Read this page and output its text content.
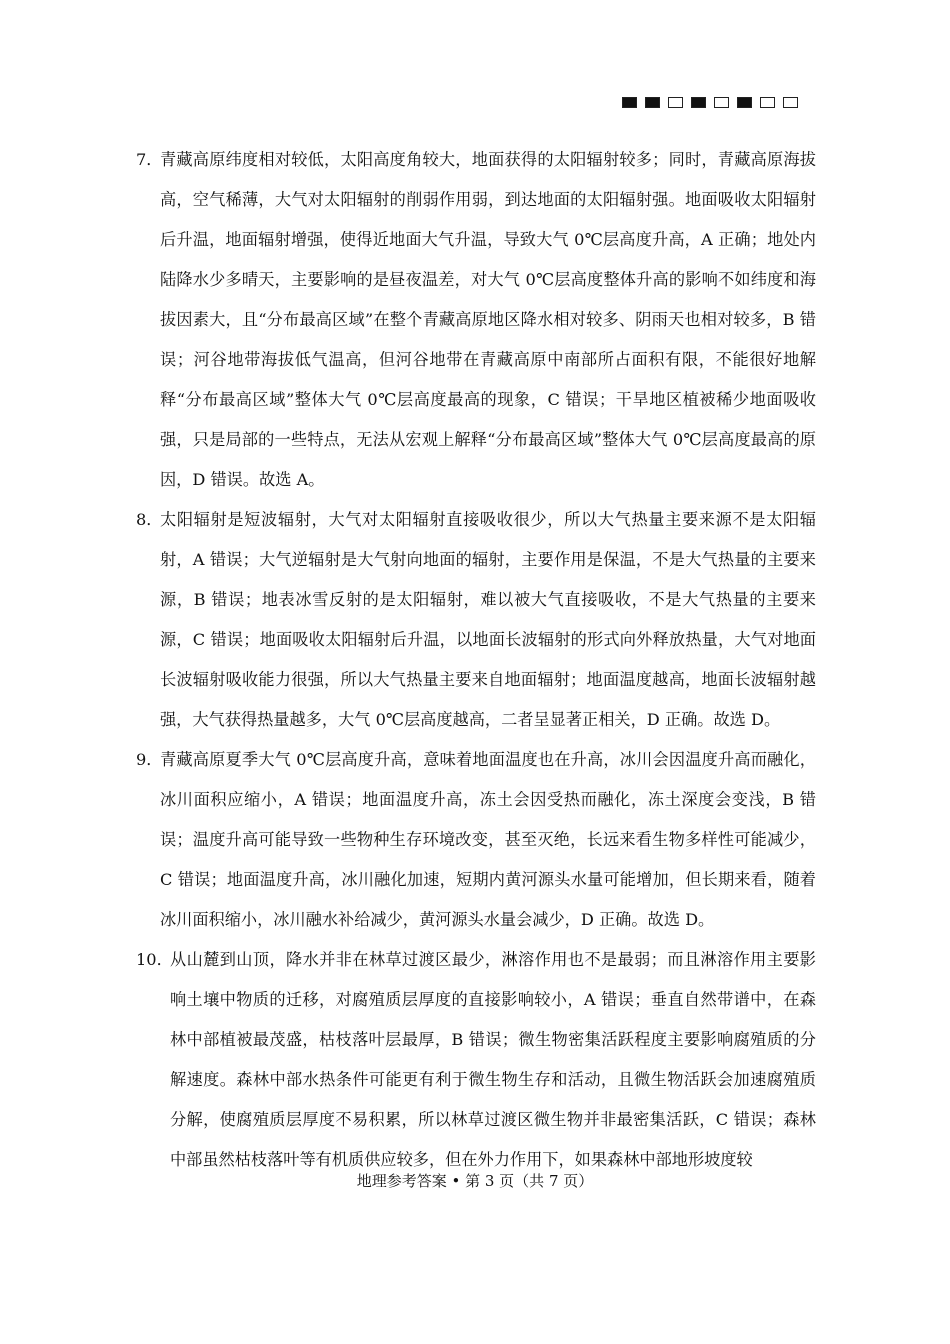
7．
青藏高原纬度相对较低，太阳高度角较大，地面获得的太阳辐射较多；同时，青藏高原海拔高，空气稀薄，大气对太阳辐射的削弱作用弱，到达地面的太阳辐射强。地面吸收太阳辐射后升温，地面辐射增强，使得近地面大气升温，导致大气 0℃层高度升高，A 正确；地处内陆降水少多晴天，主要影响的是昼夜温差，对大气 0℃层高度整体升高的影响不如纬度和海拔因素大，且“分布最高区域”在整个青藏高原地区降水相对较多、阴雨天也相对较多，B 错误；河谷地带海拔低气温高，但河谷地带在青藏高原中南部所占面积有限，不能很好地解释“分布最高区域”整体大气 0℃层高度最高的现象，C 错误；干旱地区植被稀少地面吸收强，只是局部的一些特点，无法从宏观上解释“分布最高区域”整体大气 0℃层高度最高的原因，D 错误。故选 A。
8．
太阳辐射是短波辐射，大气对太阳辐射直接吸收很少，所以大气热量主要来源不是太阳辐射，A 错误；大气逆辐射是大气射向地面的辐射，主要作用是保温，不是大气热量的主要来源，B 错误；地表冰雪反射的是太阳辐射，难以被大气直接吸收，不是大气热量的主要来源，C 错误；地面吸收太阳辐射后升温，以地面长波辐射的形式向外释放热量，大气对地面长波辐射吸收能力很强，所以大气热量主要来自地面辐射；地面温度越高，地面长波辐射越强，大气获得热量越多，大气 0℃层高度越高，二者呈显著正相关，D 正确。故选 D。
9．
青藏高原夏季大气 0℃层高度升高，意味着地面温度也在升高，冰川会因温度升高而融化，冰川面积应缩小，A 错误；地面温度升高，冻土会因受热而融化，冻土深度会变浅，B 错误；温度升高可能导致一些物种生存环境改变，甚至灭绝，长远来看生物多样性可能减少，C 错误；地面温度升高，冰川融化加速，短期内黄河源头水量可能增加，但长期来看，随着冰川面积缩小，冰川融水补给减少，黄河源头水量会减少，D 正确。故选 D。
10．
从山麓到山顶，降水并非在林草过渡区最少，淋溶作用也不是最弱；而且淋溶作用主要影响土壤中物质的迁移，对腐殖质层厚度的直接影响较小，A 错误；垂直自然带谱中，在森林中部植被最茂盛，枯枝落叶层最厚，B 错误；微生物密集活跃程度主要影响腐殖质的分解速度。森林中部水热条件可能更有利于微生物生存和活动，且微生物活跃会加速腐殖质分解，使腐殖质层厚度不易积累，所以林草过渡区微生物并非最密集活跃，C 错误；森林中部虽然枯枝落叶等有机质供应较多，但在外力作用下，如果森林中部地形坡度较
地理参考答案 • 第 3 页（共 7 页）
